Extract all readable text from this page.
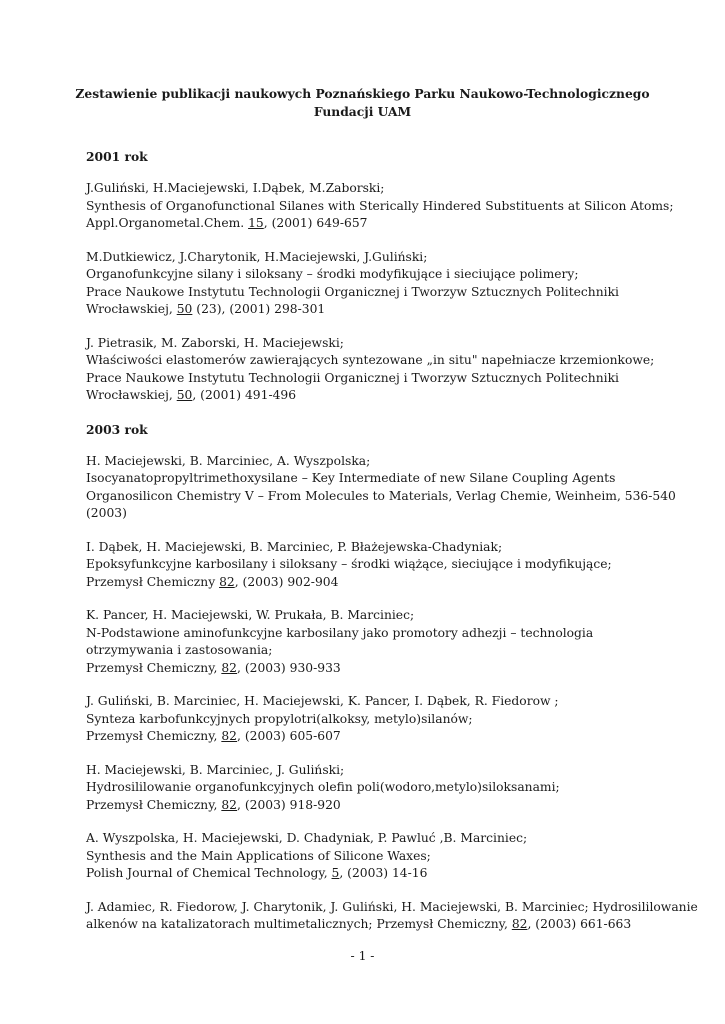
Zestawienie publikacji naukowych Poznańskiego Parku Naukowo-Technologicznego
Fundacji UAM
2001 rok
J.Guliński, H.Maciejewski, I.Dąbek, M.Zaborski;
Synthesis of Organofunctional Silanes with Sterically Hindered Substituents at Silicon Atoms;
Appl.Organometal.Chem. 15, (2001) 649-657
M.Dutkiewicz, J.Charytonik, H.Maciejewski, J.Guliński;
Organofunkcyjne silany i siloksany – środki modyfikujące i sieciujące polimery;
Prace Naukowe Instytutu Technologii Organicznej i Tworzyw Sztucznych Politechniki
Wrocławskiej, 50 (23), (2001) 298-301
J. Pietrasik, M. Zaborski, H. Maciejewski;
Właściwości elastomerów zawierających syntezowane „in situ" napełniacze krzemionkowe;
Prace Naukowe Instytutu Technologii Organicznej i Tworzyw Sztucznych Politechniki
Wrocławskiej, 50, (2001) 491-496
2003 rok
H. Maciejewski, B. Marciniec, A. Wyszpolska;
Isocyanatopropyltrimethoxysilane – Key Intermediate of new Silane Coupling Agents
Organosilicon Chemistry V – From Molecules to Materials, Verlag Chemie, Weinheim, 536-540
(2003)
I. Dąbek, H. Maciejewski, B. Marciniec, P. Błażejewska-Chadyniak;
Epoksyfunkcyjne karbosilany i siloksany – środki wiążące, sieciujące i modyfikujące;
Przemysł Chemiczny 82, (2003) 902-904
K. Pancer, H. Maciejewski, W. Prukała, B. Marciniec;
N-Podstawione aminofunkcyjne karbosilany jako promotory adhezji – technologia
otrzymywania i zastosowania;
Przemysł Chemiczny, 82, (2003) 930-933
J. Guliński, B. Marciniec, H. Maciejewski, K. Pancer, I. Dąbek, R. Fiedorow ;
Synteza karbofunkcyjnych propylotri(alkoksy, metylo)silanów;
Przemysł Chemiczny, 82, (2003) 605-607
H. Maciejewski, B. Marciniec, J. Guliński;
Hydrosililowanie organofunkcyjnych olefin poli(wodoro,metylo)siloksanami;
Przemysł Chemiczny, 82, (2003) 918-920
A. Wyszpolska, H. Maciejewski, D. Chadyniak, P. Pawluć ,B. Marciniec;
Synthesis and the Main Applications of Silicone Waxes;
Polish Journal of Chemical Technology, 5, (2003) 14-16
J. Adamiec, R. Fiedorow, J. Charytonik, J. Guliński, H. Maciejewski, B. Marciniec; Hydrosililowanie
alkenów na katalizatorach multimetalicznych; Przemysł Chemiczny, 82, (2003) 661-663
- 1 -
